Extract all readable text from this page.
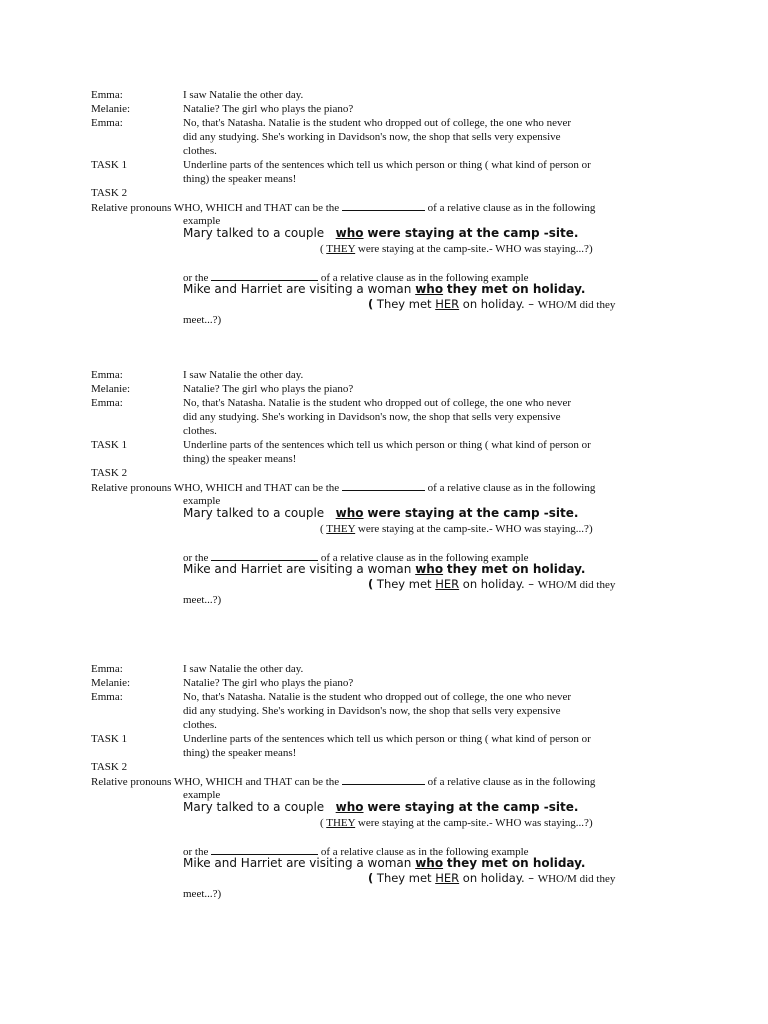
Emma:	I saw Natalie the other day.

Melanie:	Natalie? The girl who plays the piano?

Emma:	No, that's Natasha. Natalie is the student who dropped out of college, the one who never

did any studying. She's working in Davidson's now, the shop that sells very expensive

clothes.

TASK 1	Underline parts of the sentences which tell us which person or thing ( what kind of person or

thing) the speaker means!

TASK 2

Relative pronouns WHO, WHICH and THAT can be the	of a relative clause as in the following

example

Mary talked to a couple who were staying at the camp -site.

( THEY were staying at the camp-site.- WHO was staying...?)

or the	of a relative clause as in the following example

Mike and Harriet are visiting a woman who they met on holiday.

( They met HER on holiday. – WHO/M did they

meet...?)

Emma:	I saw Natalie the other day.

Melanie:	Natalie? The girl who plays the piano?

Emma:	No, that's Natasha. Natalie is the student who dropped out of college, the one who never

did any studying. She's working in Davidson's now, the shop that sells very expensive

clothes.

TASK 1	Underline parts of the sentences which tell us which person or thing ( what kind of person or

thing) the speaker means!

TASK 2

Relative pronouns WHO, WHICH and THAT can be the	of a relative clause as in the following

example

Mary talked to a couple who were staying at the camp -site.

( THEY were staying at the camp-site.- WHO was staying...?)

or the	of a relative clause as in the following example

Mike and Harriet are visiting a woman who they met on holiday.

( They met HER on holiday. – WHO/M did they

meet...?)

Emma:	I saw Natalie the other day.

Melanie:	Natalie? The girl who plays the piano?

Emma:	No, that's Natasha. Natalie is the student who dropped out of college, the one who never

did any studying. She's working in Davidson's now, the shop that sells very expensive

clothes.

TASK 1	Underline parts of the sentences which tell us which person or thing ( what kind of person or

thing) the speaker means!

TASK 2

Relative pronouns WHO, WHICH and THAT can be the	of a relative clause as in the following

example

Mary talked to a couple who were staying at the camp -site.

( THEY were staying at the camp-site.- WHO was staying...?)

or the	of a relative clause as in the following example

Mike and Harriet are visiting a woman who they met on holiday.

( They met HER on holiday. – WHO/M did they

meet...?)
